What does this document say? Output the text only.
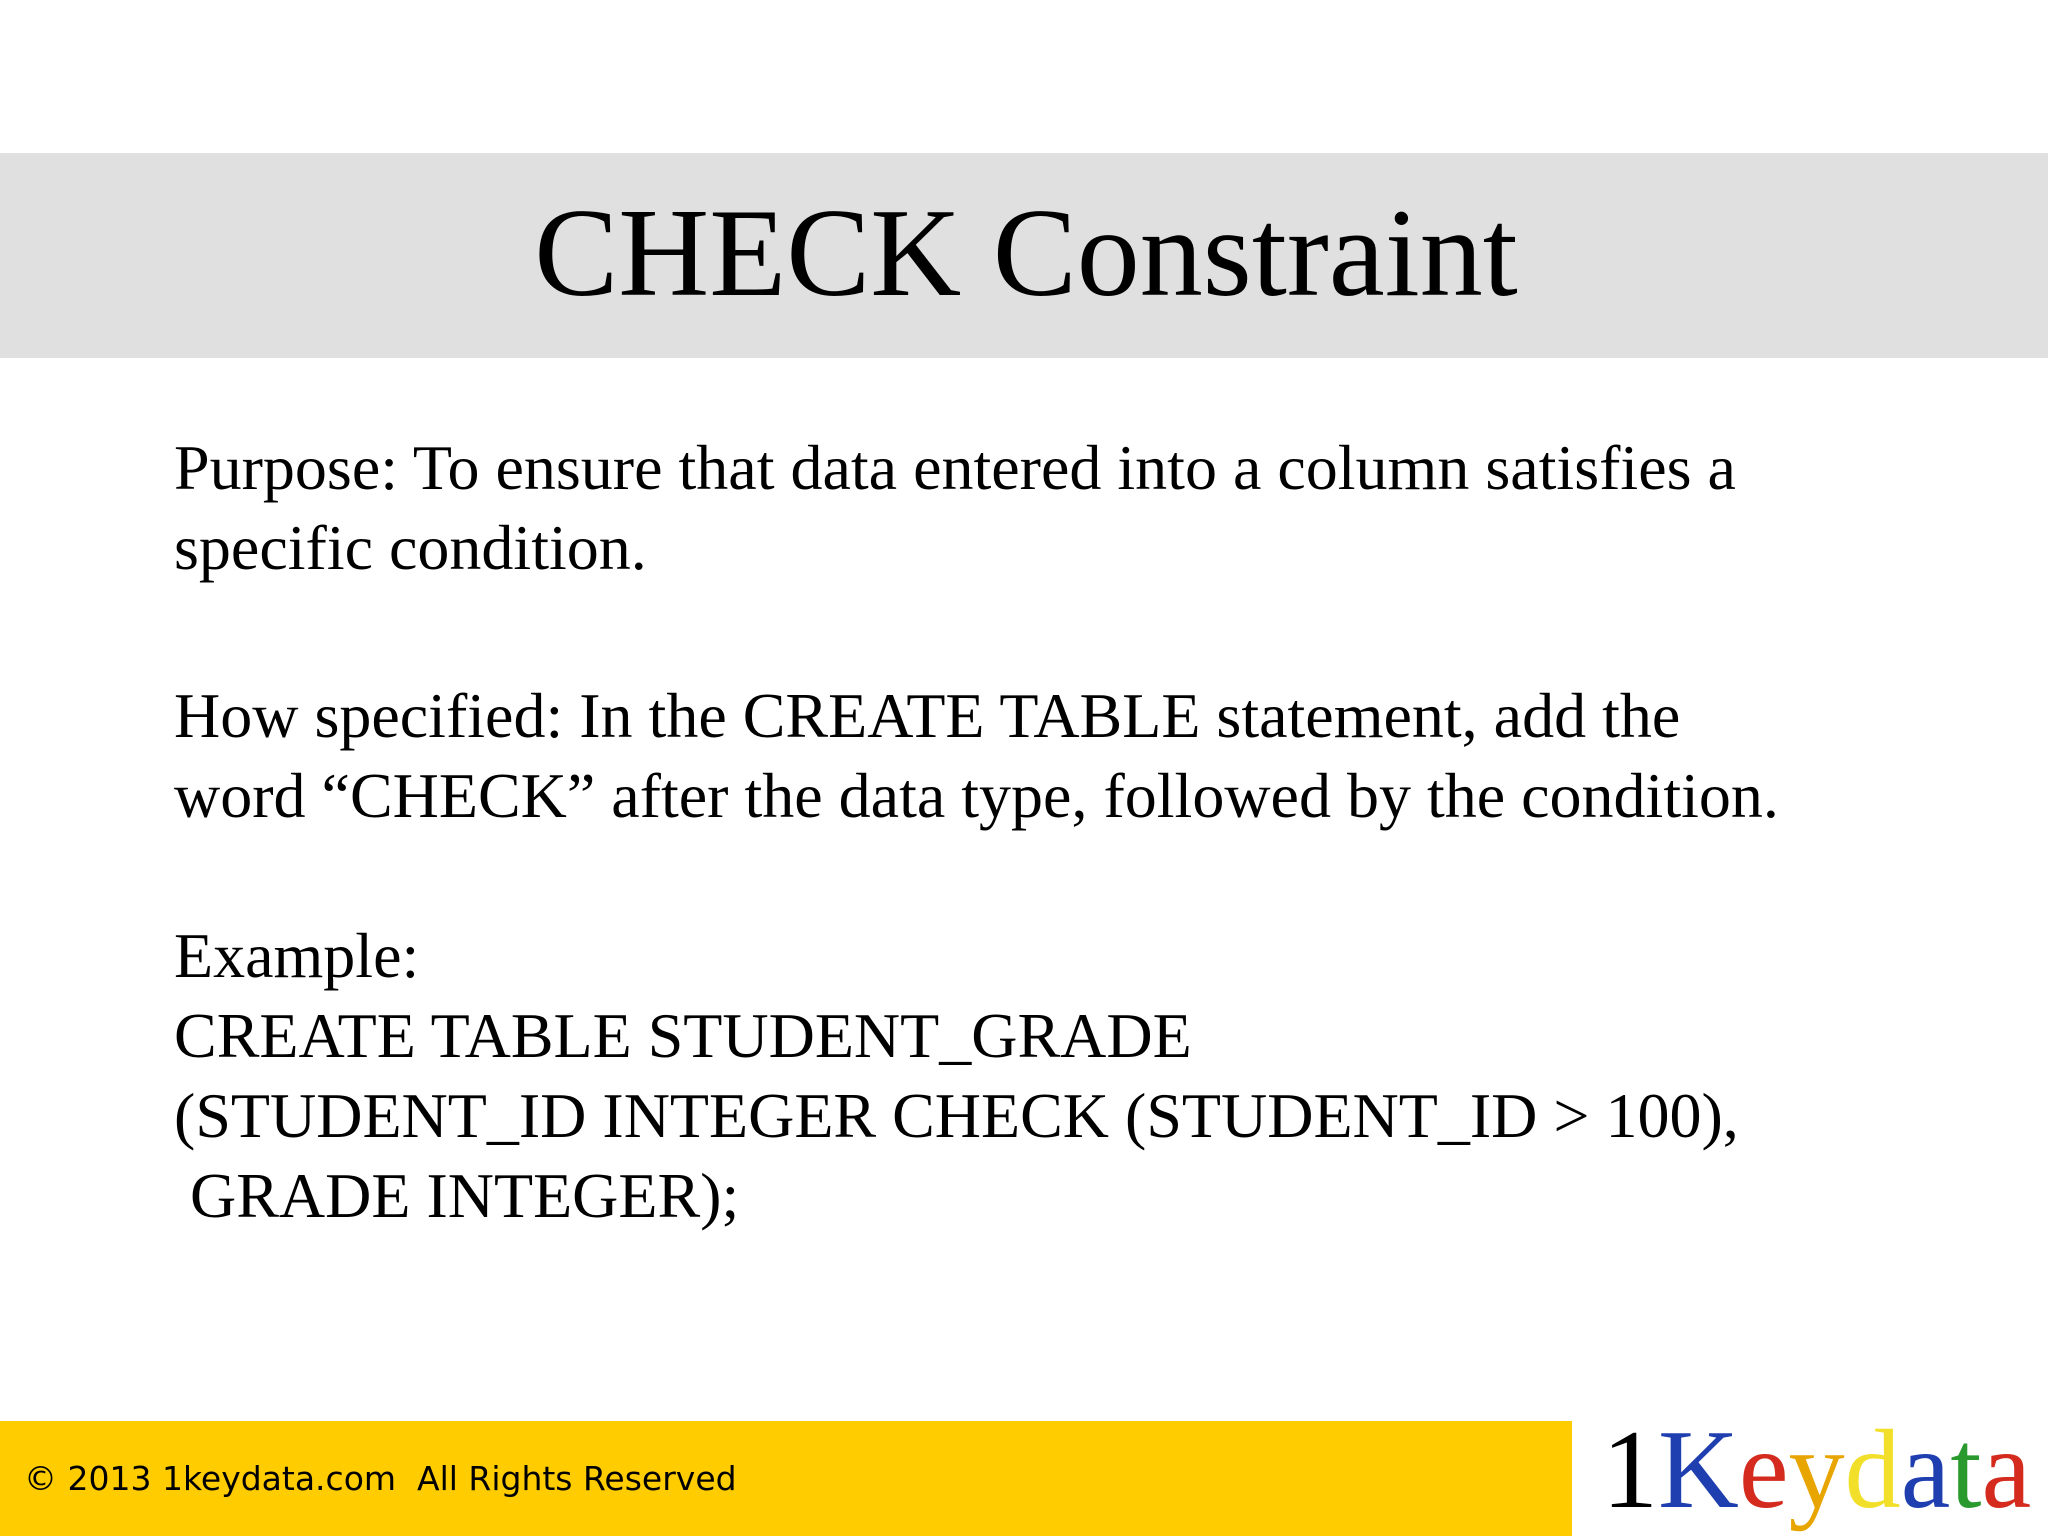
CHECK Constraint

Purpose: To ensure that data entered into a column satisfies a

specific condition.

How specified: In the CREATE TABLE statement, add the

word “CHECK” after the data type, followed by the condition.

Example:

CREATE TABLE STUDENT_GRADE

(STUDENT_ID INTEGER CHECK (STUDENT_ID > 100),

GRADE INTEGER);

© 2013 1keydata.com  All Rights Reserved	1Keydata
